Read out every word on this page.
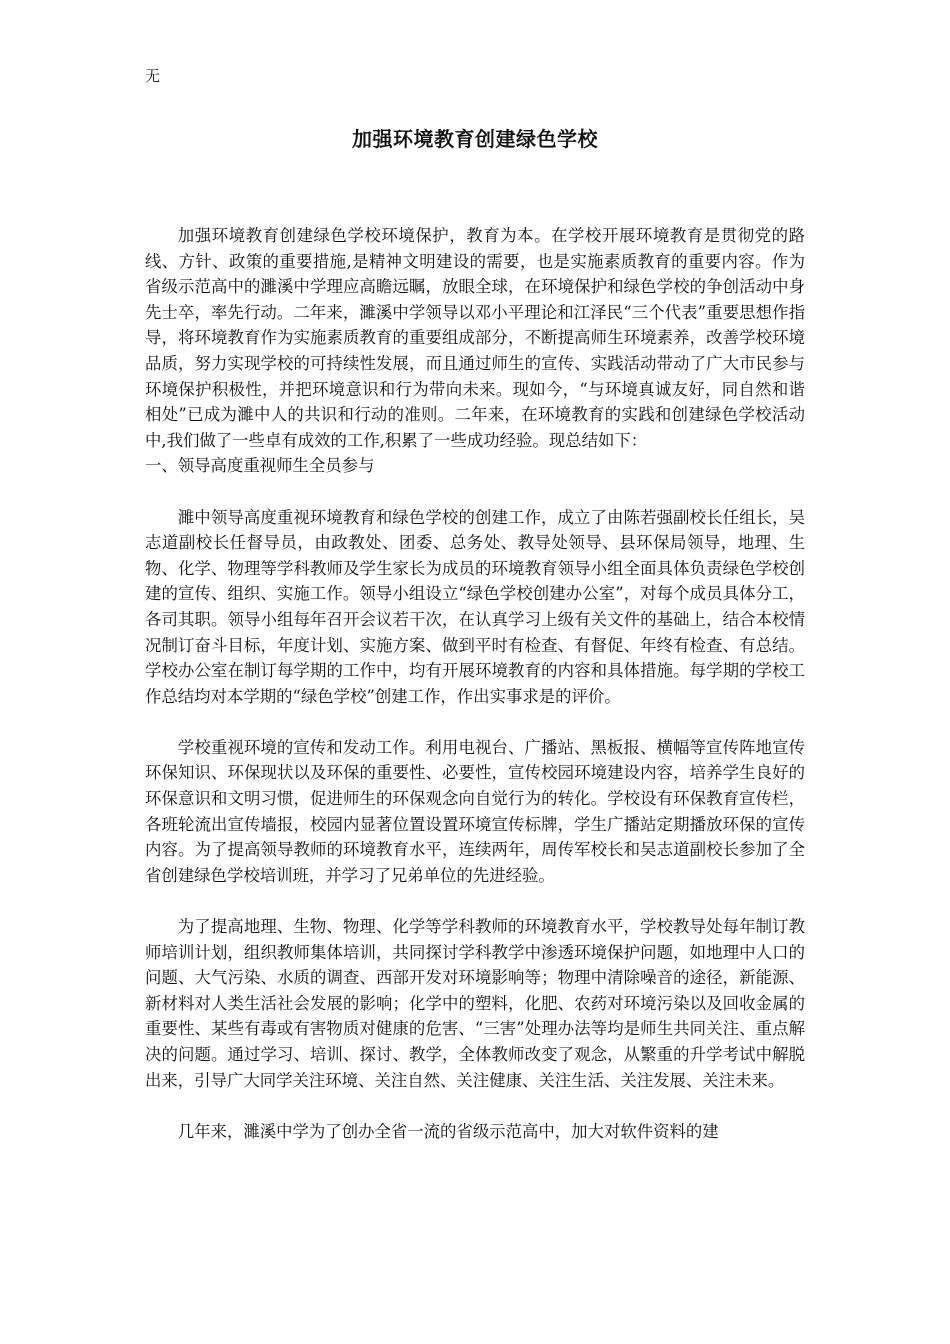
无
加强环境教育创建绿色学校

加强环境教育创建绿色学校环境保护，教育为本。在学校开展环境教育是贯彻党的路线、方针、政策的重要措施,是精神文明建设的需要，也是实施素质教育的重要内容。作为省级示范高中的濉溪中学理应高瞻远瞩，放眼全球，在环境保护和绿色学校的争创活动中身先士卒，率先行动。二年来，濉溪中学领导以邓小平理论和江泽民“三个代表”重要思想作指导，将环境教育作为实施素质教育的重要组成部分，不断提高师生环境素养，改善学校环境品质，努力实现学校的可持续性发展，而且通过师生的宣传、实践活动带动了广大市民参与环境保护积极性，并把环境意识和行为带向未来。现如今，“与环境真诚友好，同自然和谐相处”已成为濉中人的共识和行动的准则。二年来，在环境教育的实践和创建绿色学校活动中,我们做了一些卓有成效的工作,积累了一些成功经验。现总结如下：

一、领导高度重视师生全员参与

濉中领导高度重视环境教育和绿色学校的创建工作，成立了由陈若强副校长任组长，吴志道副校长任督导员，由政教处、团委、总务处、教导处领导、县环保局领导，地理、生物、化学、物理等学科教师及学生家长为成员的环境教育领导小组全面具体负责绿色学校创建的宣传、组织、实施工作。领导小组设立“绿色学校创建办公室”，对每个成员具体分工，各司其职。领导小组每年召开会议若干次，在认真学习上级有关文件的基础上，结合本校情况制订奋斗目标，年度计划、实施方案、做到平时有检查、有督促、年终有检查、有总结。学校办公室在制订每学期的工作中，均有开展环境教育的内容和具体措施。每学期的学校工作总结均对本学期的“绿色学校”创建工作，作出实事求是的评价。

学校重视环境的宣传和发动工作。利用电视台、广播站、黑板报、横幅等宣传阵地宣传环保知识、环保现状以及环保的重要性、必要性，宣传校园环境建设内容，培养学生良好的环保意识和文明习惯，促进师生的环保观念向自觉行为的转化。学校设有环保教育宣传栏，各班轮流出宣传墙报，校园内显著位置设置环境宣传标牌，学生广播站定期播放环保的宣传内容。为了提高领导教师的环境教育水平，连续两年，周传军校长和吴志道副校长参加了全省创建绿色学校培训班，并学习了兄弟单位的先进经验。

为了提高地理、生物、物理、化学等学科教师的环境教育水平，学校教导处每年制订教师培训计划，组织教师集体培训，共同探讨学科教学中渗透环境保护问题，如地理中人口的问题、大气污染、水质的调查、西部开发对环境影响等；物理中清除噪音的途径，新能源、新材料对人类生活社会发展的影响；化学中的塑料，化肥、农药对环境污染以及回收金属的重要性、某些有毒或有害物质对健康的危害、“三害”处理办法等均是师生共同关注、重点解决的问题。通过学习、培训、探讨、教学，全体教师改变了观念，从繁重的升学考试中解脱出来，引导广大同学关注环境、关注自然、关注健康、关注生活、关注发展、关注未来。

几年来，濉溪中学为了创办全省一流的省级示范高中，加大对软件资料的建
